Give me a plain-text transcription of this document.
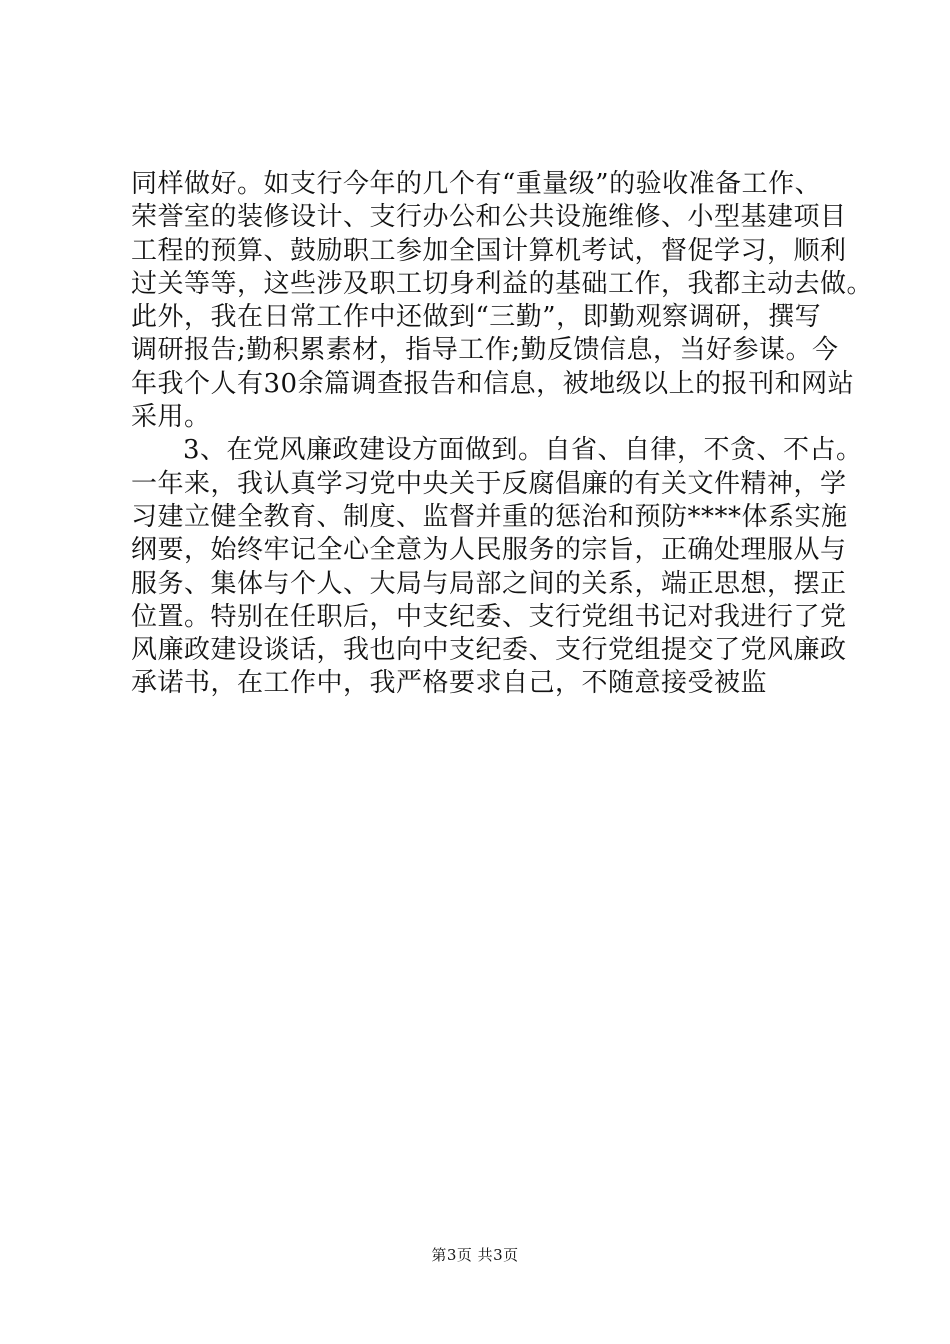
同样做好。如支行今年的几个有“重量级”的验收准备工作、
荣誉室的装修设计、支行办公和公共设施维修、小型基建项目
工程的预算、鼓励职工参加全国计算机考试，督促学习，顺利
过关等等，这些涉及职工切身利益的基础工作，我都主动去做。
此外，我在日常工作中还做到“三勤”，即勤观察调研，撰写
调研报告;勤积累素材，指导工作;勤反馈信息，当好参谋。今
年我个人有30余篇调查报告和信息，被地级以上的报刊和网站
采用。
3、在党风廉政建设方面做到。自省、自律，不贪、不占。
一年来，我认真学习党中央关于反腐倡廉的有关文件精神，学
习建立健全教育、制度、监督并重的惩治和预防****体系实施
纲要，始终牢记全心全意为人民服务的宗旨，正确处理服从与
服务、集体与个人、大局与局部之间的关系，端正思想，摆正
位置。特别在任职后，中支纪委、支行党组书记对我进行了党
风廉政建设谈话，我也向中支纪委、支行党组提交了党风廉政
承诺书，在工作中，我严格要求自己，不随意接受被监
第3页 共3页
